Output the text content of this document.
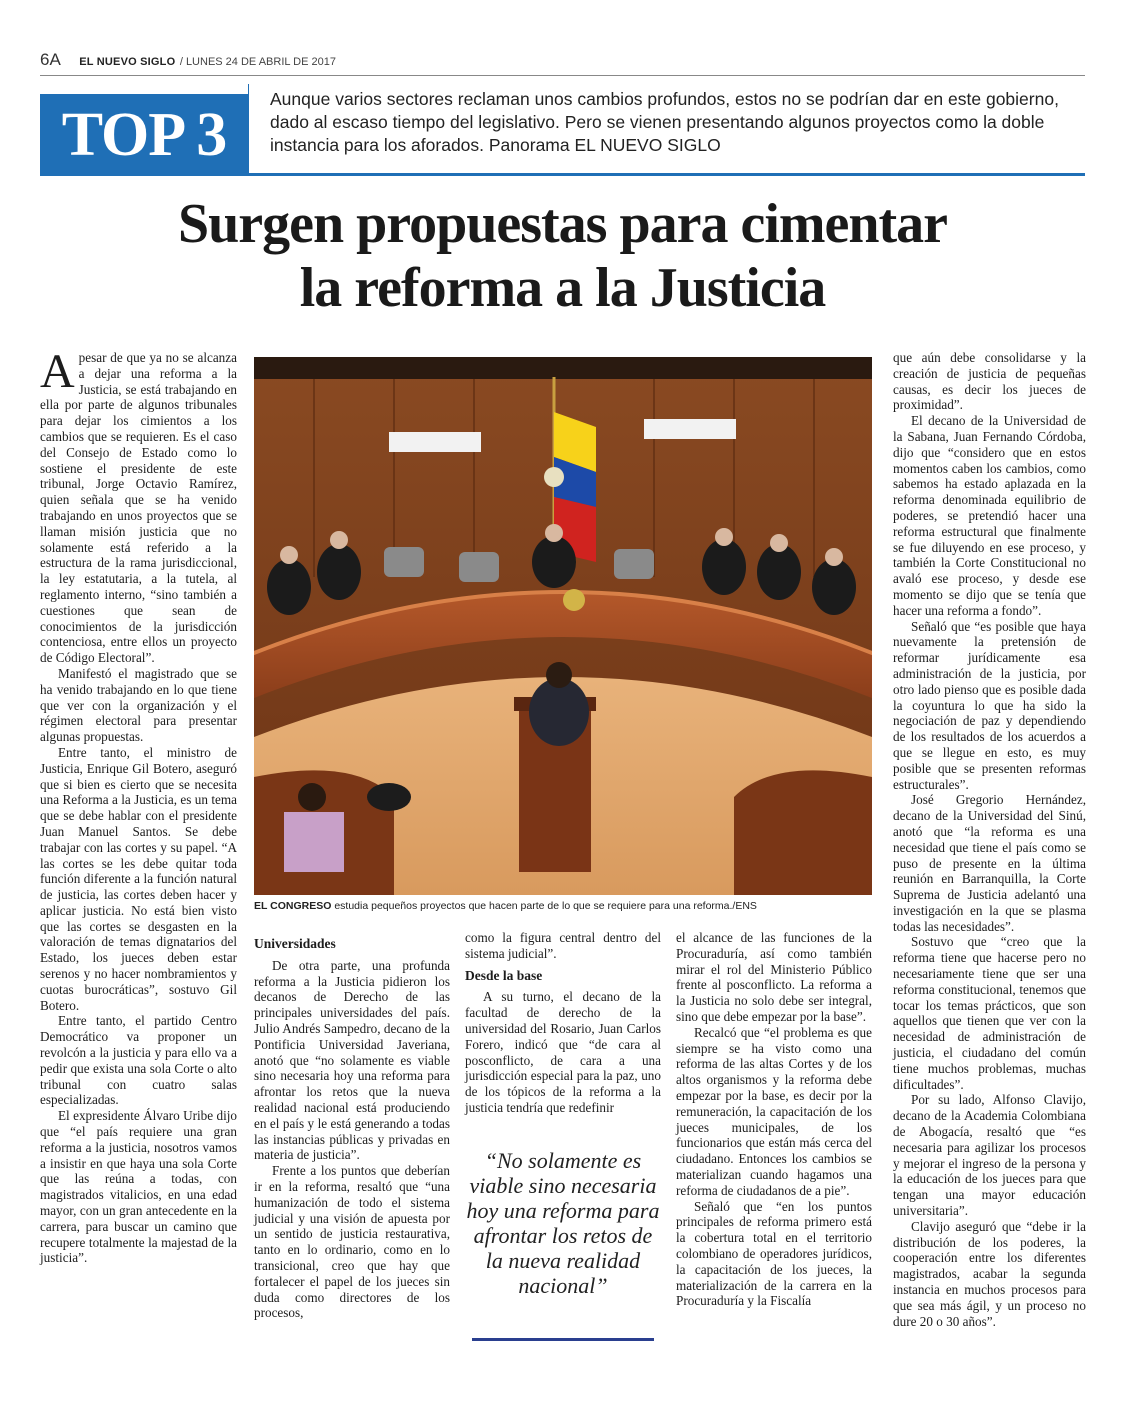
6A EL NUEVO SIGLO / LUNES 24 DE ABRIL DE 2017
TOP 3
Aunque varios sectores reclaman unos cambios profundos, estos no se podrían dar en este gobierno, dado al escaso tiempo del legislativo. Pero se vienen presentando algunos proyectos como la doble instancia para los aforados. Panorama EL NUEVO SIGLO
Surgen propuestas para cimentar
la reforma a la Justicia

Apesar de que ya no se alcanza a dejar una reforma a la Justicia, se está trabajando en ella por parte de algunos tribunales para dejar los cimientos a los cambios que se requieren. Es el caso del Consejo de Estado como lo sostiene el presidente de este tribunal, Jorge Octavio Ramírez, quien señala que se ha venido trabajando en unos proyectos que se llaman misión justicia que no solamente está referido a la estructura de la rama jurisdiccional, la ley estatutaria, a la tutela, al reglamento interno, “sino también a cuestiones que sean de conocimientos de la jurisdicción contenciosa, entre ellos un proyecto de Código Electoral”.

Manifestó el magistrado que se ha venido trabajando en lo que tiene que ver con la organización y el régimen electoral para presentar algunas propuestas.

Entre tanto, el ministro de Justicia, Enrique Gil Botero, aseguró que si bien es cierto que se necesita una Reforma a la Justicia, es un tema que se debe hablar con el presidente Juan Manuel Santos. Se debe trabajar con las cortes y su papel. “A las cortes se les debe quitar toda función diferente a la función natural de justicia, las cortes deben hacer y aplicar justicia. No está bien visto que las cortes se desgasten en la valoración de temas dignatarios del Estado, los jueces deben estar serenos y no hacer nombramientos y cuotas burocráticas”, sostuvo Gil Botero.

Entre tanto, el partido Centro Democrático va proponer un revolcón a la justicia y para ello va a pedir que exista una sola Corte o alto tribunal con cuatro salas especializadas.

El expresidente Álvaro Uribe dijo que “el país requiere una gran reforma a la justicia, nosotros vamos a insistir en que haya una sola Corte que las reúna a todas, con magistrados vitalicios, en una edad mayor, con un gran antecedente en la carrera, para buscar un camino que recupere totalmente la majestad de la justicia”.

EL CONGRESO estudia pequeños proyectos que hacen parte de lo que se requiere para una reforma./ENS
Universidades

De otra parte, una profunda reforma a la Justicia pidieron los decanos de Derecho de las principales universidades del país. Julio Andrés Sampedro, decano de la Pontificia Universidad Javeriana, anotó que “no solamente es viable sino necesaria hoy una reforma para afrontar los retos que la nueva realidad nacional está produciendo en el país y le está generando a todas las instancias públicas y privadas en materia de justicia”.

Frente a los puntos que deberían ir en la reforma, resaltó que “una humanización de todo el sistema judicial y una visión de apuesta por un sentido de justicia restaurativa, tanto en lo ordinario, como en lo transicional, creo que hay que fortalecer el papel de los jueces sin duda como directores de los procesos,

como la figura central dentro del sistema judicial”.

Desde la base

A su turno, el decano de la facultad de derecho de la universidad del Rosario, Juan Carlos Forero, indicó que “de cara al posconflicto, de cara a una jurisdicción especial para la paz, uno de los tópicos de la reforma a la justicia tendría que redefinir

“No solamente es viable sino necesaria hoy una reforma para afrontar los retos de la nueva realidad nacional”

el alcance de las funciones de la Procuraduría, así como también mirar el rol del Ministerio Público frente al posconflicto. La reforma a la Justicia no solo debe ser integral, sino que debe empezar por la base”.

Recalcó que “el problema es que siempre se ha visto como una reforma de las altas Cortes y de los altos organismos y la reforma debe empezar por la base, es decir por la remuneración, la capacitación de los jueces municipales, de los funcionarios que están más cerca del ciudadano. Entonces los cambios se materializan cuando hagamos una reforma de ciudadanos de a pie”.

Señaló que “en los puntos principales de reforma primero está la cobertura total en el territorio colombiano de operadores jurídicos, la capacitación de los jueces, la materialización de la carrera en la Procuraduría y la Fiscalía

que aún debe consolidarse y la creación de justicia de pequeñas causas, es decir los jueces de proximidad”.

El decano de la Universidad de la Sabana, Juan Fernando Córdoba, dijo que “considero que en estos momentos caben los cambios, como sabemos ha estado aplazada en la reforma denominada equilibrio de poderes, se pretendió hacer una reforma estructural que finalmente se fue diluyendo en ese proceso, y también la Corte Constitucional no avaló ese proceso, y desde ese momento se dijo que se tenía que hacer una reforma a fondo”.

Señaló que “es posible que haya nuevamente la pretensión de reformar jurídicamente esa administración de la justicia, por otro lado pienso que es posible dada la coyuntura lo que ha sido la negociación de paz y dependiendo de los resultados de los acuerdos a que se llegue en esto, es muy posible que se presenten reformas estructurales”.

José Gregorio Hernández, decano de la Universidad del Sinú, anotó que “la reforma es una necesidad que tiene el país como se puso de presente en la última reunión en Barranquilla, la Corte Suprema de Justicia adelantó una investigación en la que se plasma todas las necesidades”.

Sostuvo que “creo que la reforma tiene que hacerse pero no necesariamente tiene que ser una reforma constitucional, tenemos que tocar los temas prácticos, que son aquellos que tienen que ver con la necesidad de administración de justicia, el ciudadano del común tiene muchos problemas, muchas dificultades”.

Por su lado, Alfonso Clavijo, decano de la Academia Colombiana de Abogacía, resaltó que “es necesaria para agilizar los procesos y mejorar el ingreso de la persona y la educación de los jueces para que tengan una mayor educación universitaria”.

Clavijo aseguró que “debe ir la distribución de los poderes, la cooperación entre los diferentes magistrados, acabar la segunda instancia en muchos procesos para que sea más ágil, y un proceso no dure 20 o 30 años”.
